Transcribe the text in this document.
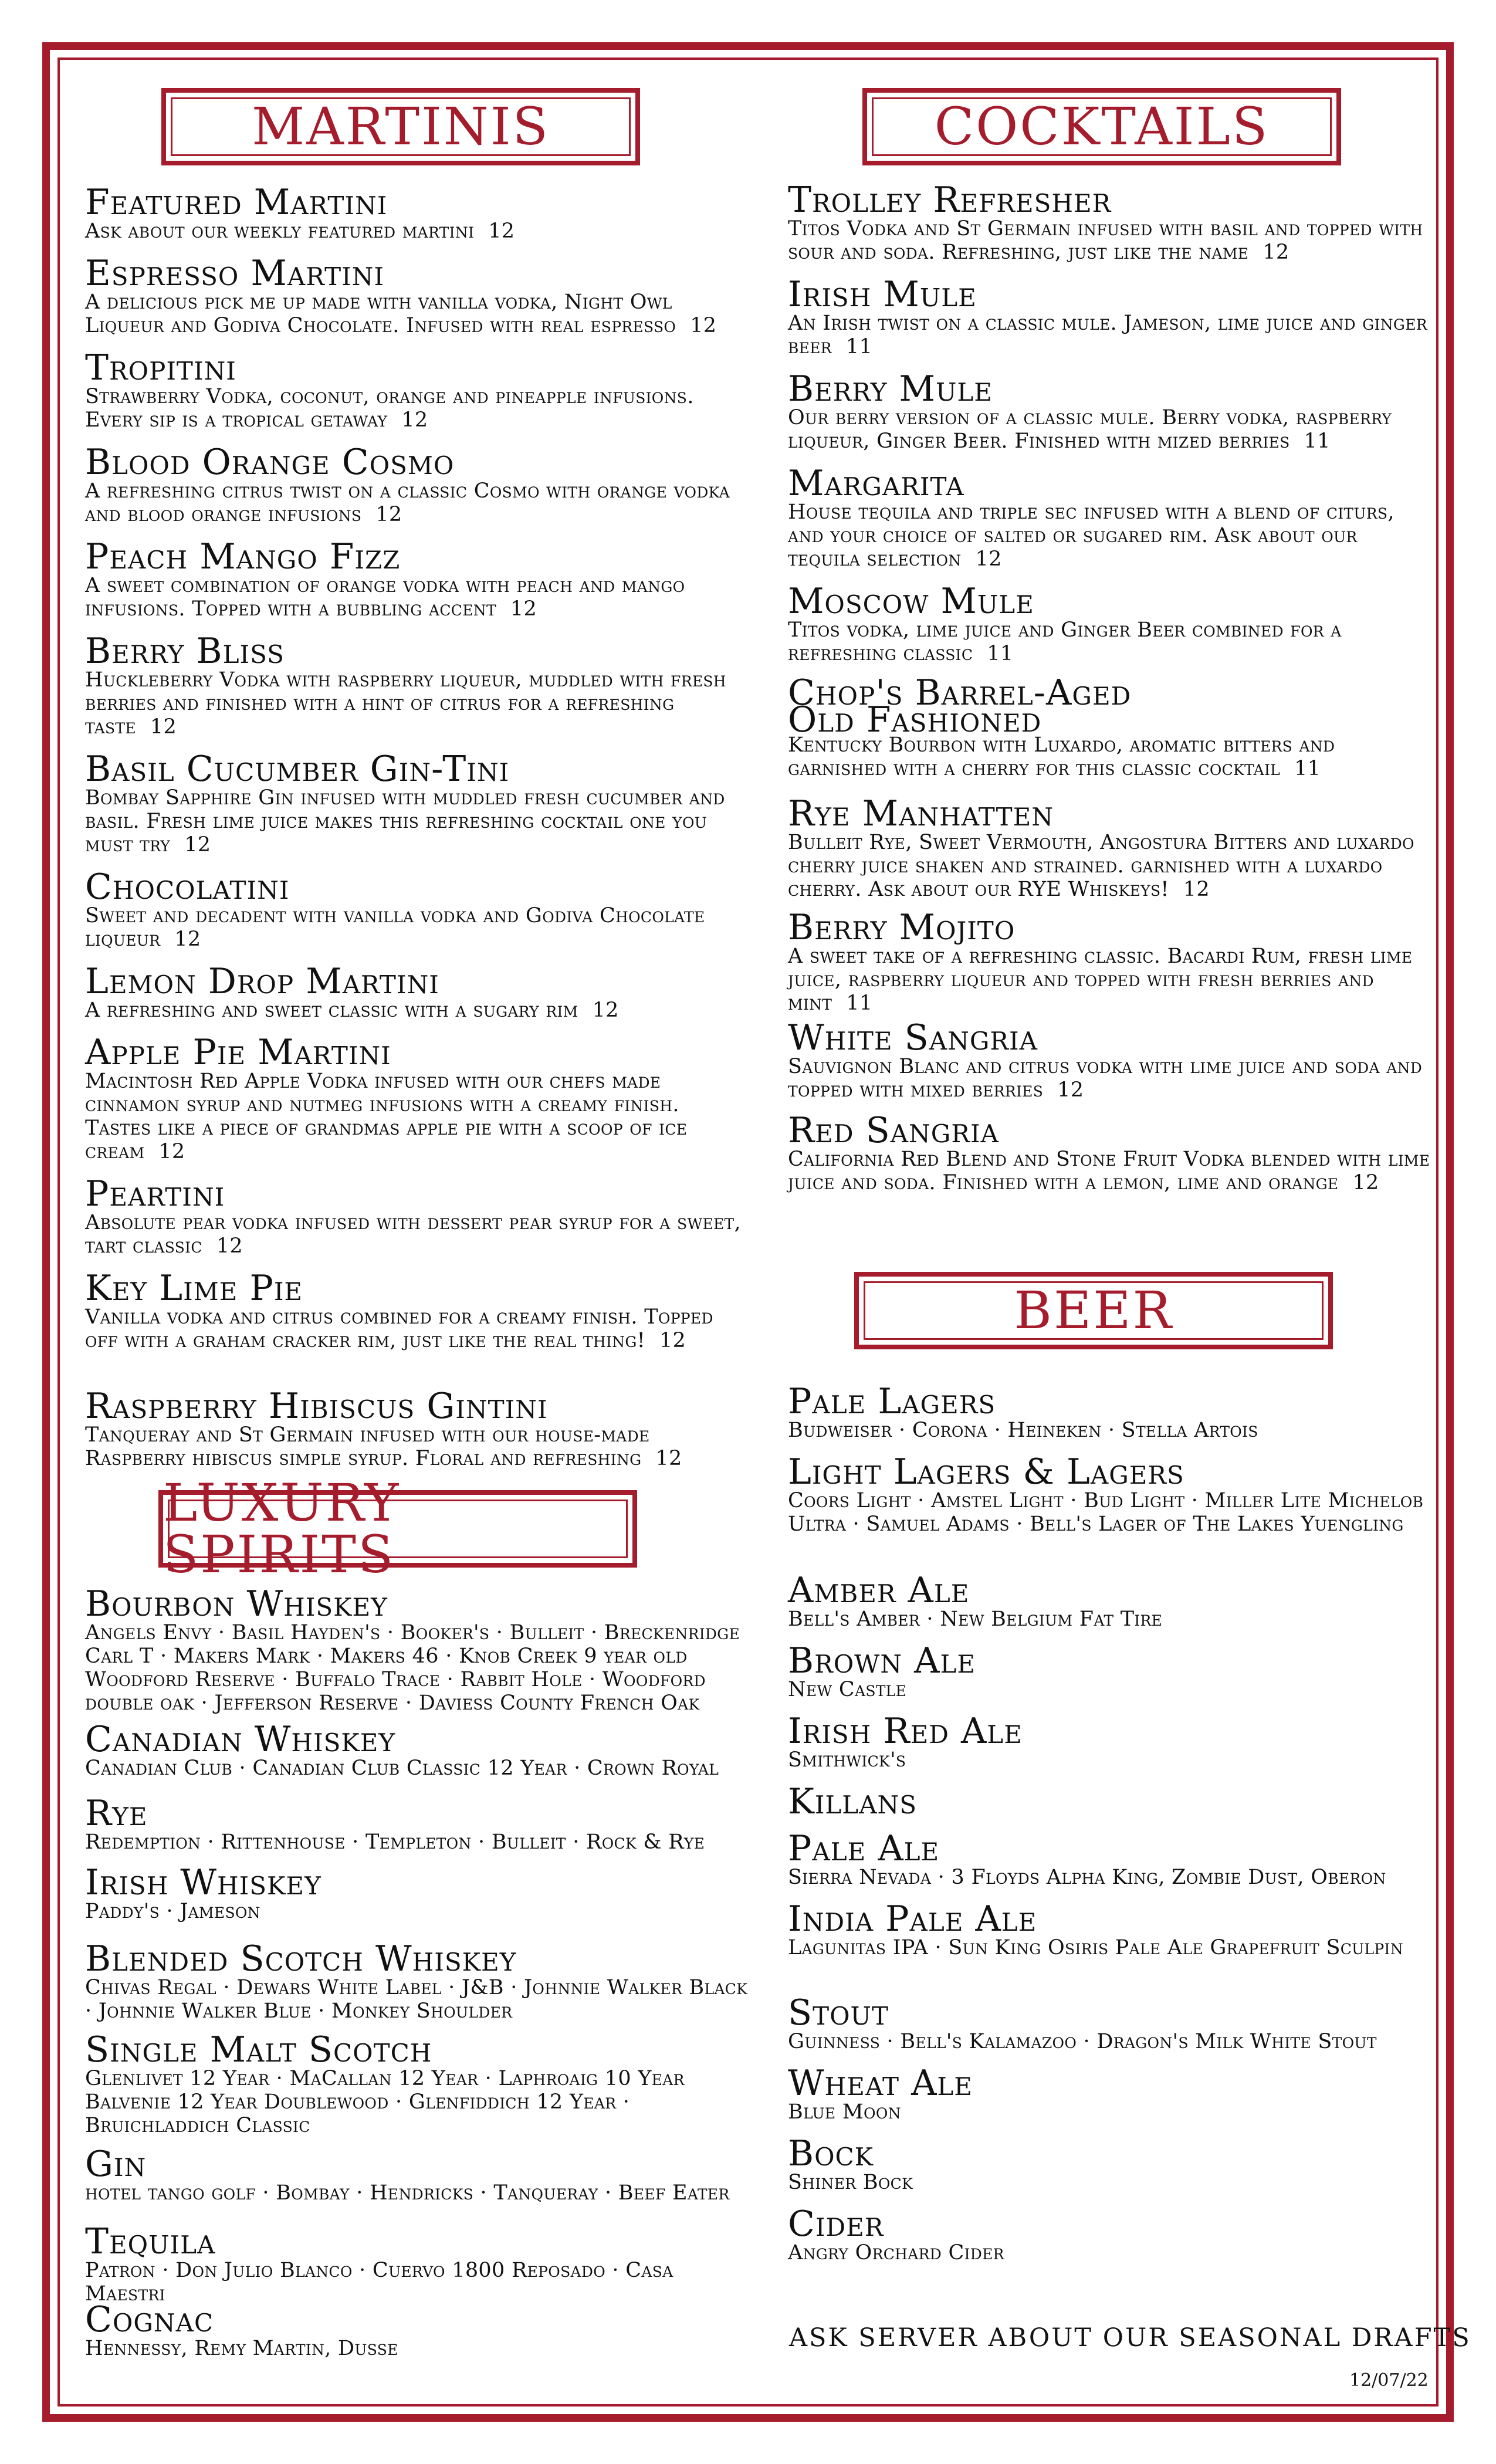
MARTINIS	COCKTAILS
LUXURY SPIRITS
BEER
Featured Martini
Ask about our weekly featured martini 12
Espresso Martini
A delicious pick me up made with vanilla vodka, Night Owl Liqueur and Godiva Chocolate. Infused with real espresso 12
Tropitini
Strawberry Vodka, coconut, orange and pineapple infusions. Every sip is a tropical getaway 12
Blood Orange Cosmo
A refreshing citrus twist on a classic Cosmo with orange vodka and blood orange infusions 12
Peach Mango Fizz
A sweet combination of orange vodka with peach and mango infusions. Topped with a bubbling accent 12
Berry Bliss
Huckleberry Vodka with raspberry liqueur, muddled with fresh berries and finished with a hint of citrus for a refreshing taste 12
Basil Cucumber Gin-Tini
Bombay Sapphire Gin infused with muddled fresh cucumber and basil. Fresh lime juice makes this refreshing cocktail one you must try 12
Chocolatini
Sweet and decadent with vanilla vodka and Godiva Chocolate liqueur 12
Lemon Drop Martini
A refreshing and sweet classic with a sugary rim 12
Apple Pie Martini
Macintosh Red Apple Vodka infused with our chefs made cinnamon syrup and nutmeg infusions with a creamy finish. Tastes like a piece of grandmas apple pie with a scoop of ice cream 12
Peartini
Absolute pear vodka infused with dessert pear syrup for a sweet, tart classic 12
Key Lime Pie
Vanilla vodka and citrus combined for a creamy finish. Topped off with a graham cracker rim, just like the real thing! 12
Raspberry Hibiscus Gintini
Tanqueray and St Germain infused with our house-made Raspberry hibiscus simple syrup. Floral and refreshing 12
Bourbon Whiskey
Angels Envy · Basil Hayden's · Booker's · Bulleit · Breckenridge Carl T · Makers Mark · Makers 46 · Knob Creek 9 year old Woodford Reserve · Buffalo Trace · Rabbit Hole · Woodford double oak · Jefferson Reserve · Daviess County French Oak
Canadian Whiskey
Canadian Club · Canadian Club Classic 12 Year · Crown Royal
Rye
Redemption · Rittenhouse · Templeton · Bulleit · Rock & Rye
Irish Whiskey
Paddy's · Jameson
Blended Scotch Whiskey
Chivas Regal · Dewars White Label · J&B · Johnnie Walker Black · Johnnie Walker Blue · Monkey Shoulder
Single Malt Scotch
Glenlivet 12 Year · MaCallan 12 Year · Laphroaig 10 Year Balvenie 12 Year Doublewood · Glenfiddich 12 Year · Bruichladdich Classic
Gin
hotel tango golf · Bombay · Hendricks · Tanqueray · Beef Eater
Tequila
Patron · Don Julio Blanco · Cuervo 1800 Reposado · Casa Maestri
Cognac
Hennessy, Remy Martin, Dusse
Trolley Refresher
Titos Vodka and St Germain infused with basil and topped with sour and soda. Refreshing, just like the name 12
Irish Mule
An Irish twist on a classic mule. Jameson, lime juice and ginger beer 11
Berry Mule
Our berry version of a classic mule. Berry vodka, raspberry liqueur, Ginger Beer. Finished with mized berries 11
Margarita
House tequila and triple sec infused with a blend of citurs, and your choice of salted or sugared rim. Ask about our tequila selection 12
Moscow Mule
Titos vodka, lime juice and Ginger Beer combined for a refreshing classic 11
Chop's Barrel-Aged
Old Fashioned
Kentucky Bourbon with Luxardo, aromatic bitters and garnished with a cherry for this classic cocktail 11
Rye Manhatten
Bulleit Rye, Sweet Vermouth, Angostura Bitters and luxardo cherry juice shaken and strained. garnished with a luxardo cherry. Ask about our RYE Whiskeys! 12
Berry Mojito
A sweet take of a refreshing classic. Bacardi Rum, fresh lime juice, raspberry liqueur and topped with fresh berries and mint 11
White Sangria
Sauvignon Blanc and citrus vodka with lime juice and soda and topped with mixed berries 12
Red Sangria
California Red Blend and Stone Fruit Vodka blended with lime juice and soda. Finished with a lemon, lime and orange 12
Pale Lagers
Budweiser · Corona · Heineken · Stella Artois
Light Lagers & Lagers
Coors Light · Amstel Light · Bud Light · Miller Lite Michelob Ultra · Samuel Adams · Bell's Lager of The Lakes Yuengling
Amber Ale
Bell's Amber · New Belgium Fat Tire
Brown Ale
New Castle
Irish Red Ale
Smithwick's
Killans
Pale Ale
Sierra Nevada · 3 Floyds Alpha King, Zombie Dust, Oberon
India Pale Ale
Lagunitas IPA · Sun King Osiris Pale Ale Grapefruit Sculpin
Stout
Guinness · Bell's Kalamazoo · Dragon's Milk White Stout
Wheat Ale
Blue Moon
Bock
Shiner Bock
Cider
Angry Orchard Cider
ASK SERVER ABOUT OUR SEASONAL DRAFTS
12/07/22
